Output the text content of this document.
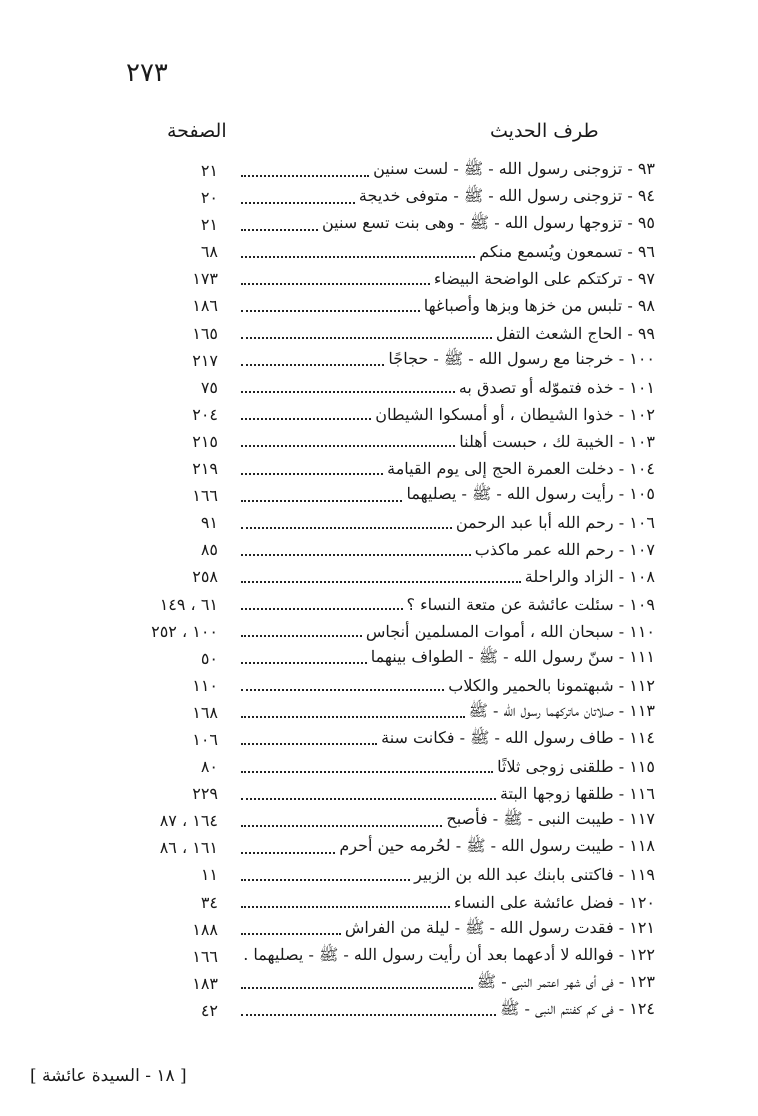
٢٧٣
الصفحة	طرف الحديث
٩٣ - تزوجنى رسول الله - ﷺ - لست سنين
٢١
٩٤ - تزوجنى رسول الله - ﷺ - متوفى خديجة
٢٠
٩٥ - تزوجها رسول الله - ﷺ - وهى بنت تسع سنين
٢١
٩٦ - تسمعون ويُسمع منكم
٦٨
٩٧ - تركتكم على الواضحة البيضاء
١٧٣
٩٨ - تلبس من خزها وبزها وأصباغها
١٨٦
٩٩ - الحاج الشعث التفل
١٦٥
١٠٠ - خرجنا مع رسول الله - ﷺ - حجاجًا
٢١٧
١٠١ - خذه فتموّله أو تصدق به
٧٥
١٠٢ - خذوا الشيطان ، أو أمسكوا الشيطان
٢٠٤
١٠٣ - الخيبة لك ، حبست أهلنا
٢١٥
١٠٤ - دخلت العمرة الحج إلى يوم القيامة
٢١٩
١٠٥ - رأيت رسول الله - ﷺ - يصليهما
١٦٦
١٠٦ - رحم الله أبا عبد الرحمن
٩١
١٠٧ - رحم الله عمر ماكذب
٨٥
١٠٨ - الزاد والراحلة
٢٥٨
١٠٩ - سئلت عائشة عن متعة النساء ؟
٦١ ، ١٤٩
١١٠ - سبحان الله ، أموات المسلمين أنجاس
١٠٠ ، ٢٥٢
١١١ - سنّ رسول الله - ﷺ - الطواف بينهما
٥٠
١١٢ - شبهتمونا بالحمير والكلاب
١١٠
١١٣ - صلاتان ماتركهما رسول الله - ﷺ
١٦٨
١١٤ - طاف رسول الله - ﷺ - فكانت سنة
١٠٦
١١٥ - طلقنى زوجى ثلاثًا
٨٠
١١٦ - طلقها زوجها البتة
٢٢٩
١١٧ - طيبت النبى - ﷺ - فأصبح
١٦٤ ، ٨٧
١١٨ - طيبت رسول الله - ﷺ - لحُرمه حين أحرم
١٦١ ، ٨٦
١١٩ - فاكتنى بابنك عبد الله بن الزبير
١١
١٢٠ - فضل عائشة على النساء
٣٤
١٢١ - فقدت رسول الله - ﷺ - ليلة من الفراش
١٨٨
١٢٢ - فوالله لا أدعهما بعد أن رأيت رسول الله - ﷺ - يصليهما .
١٦٦
١٢٣ - فى أى شهر اعتمر النبى - ﷺ
١٨٣
١٢٤ - فى كم كفنتم النبى - ﷺ
٤٢
[ ١٨ - السيدة عائشة ]
